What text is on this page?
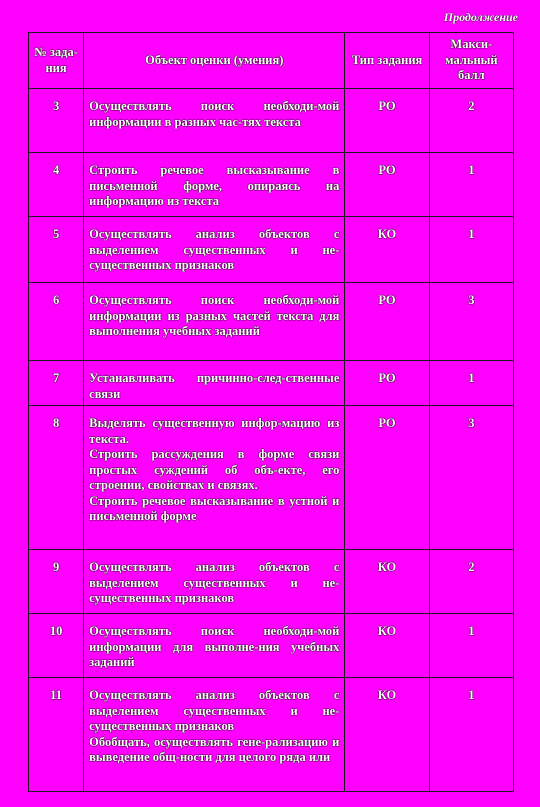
Продолжение
№ зада-ния	Объект оценки (умения)	Тип задания	Макси-мальный балл
3	Осуществлять поиск необходи-мой информации в разных час-тях текста	РО	2
4	Строить речевое высказывание в письменной форме, опираясь на информацию из текста	РО	1
5	Осуществлять анализ объектов с выделением существенных и не-существенных признаков	КО	1
6	Осуществлять поиск необходи-мой информации из разных частей текста для выполнения учебных заданий	РО	3
7	Устанавливать причинно-след-ственные связи	РО	1
8	Выделять существенную инфор-мацию из текста.
Строить рассуждения в форме связи простых суждений об объ-екте, его строении, свойствах и связях.
Строить речевое высказывание в устной и письменной форме	РО	3
9	Осуществлять анализ объектов с выделением существенных и не-существенных признаков	КО	2
10	Осуществлять поиск необходи-мой информации для выполне-ния учебных заданий	КО	1
11	Осуществлять анализ объектов с выделением существенных и не-существенных признаков
Обобщать, осуществлять гене-рализацию и выведение общ-ности для целого ряда или	КО	1
